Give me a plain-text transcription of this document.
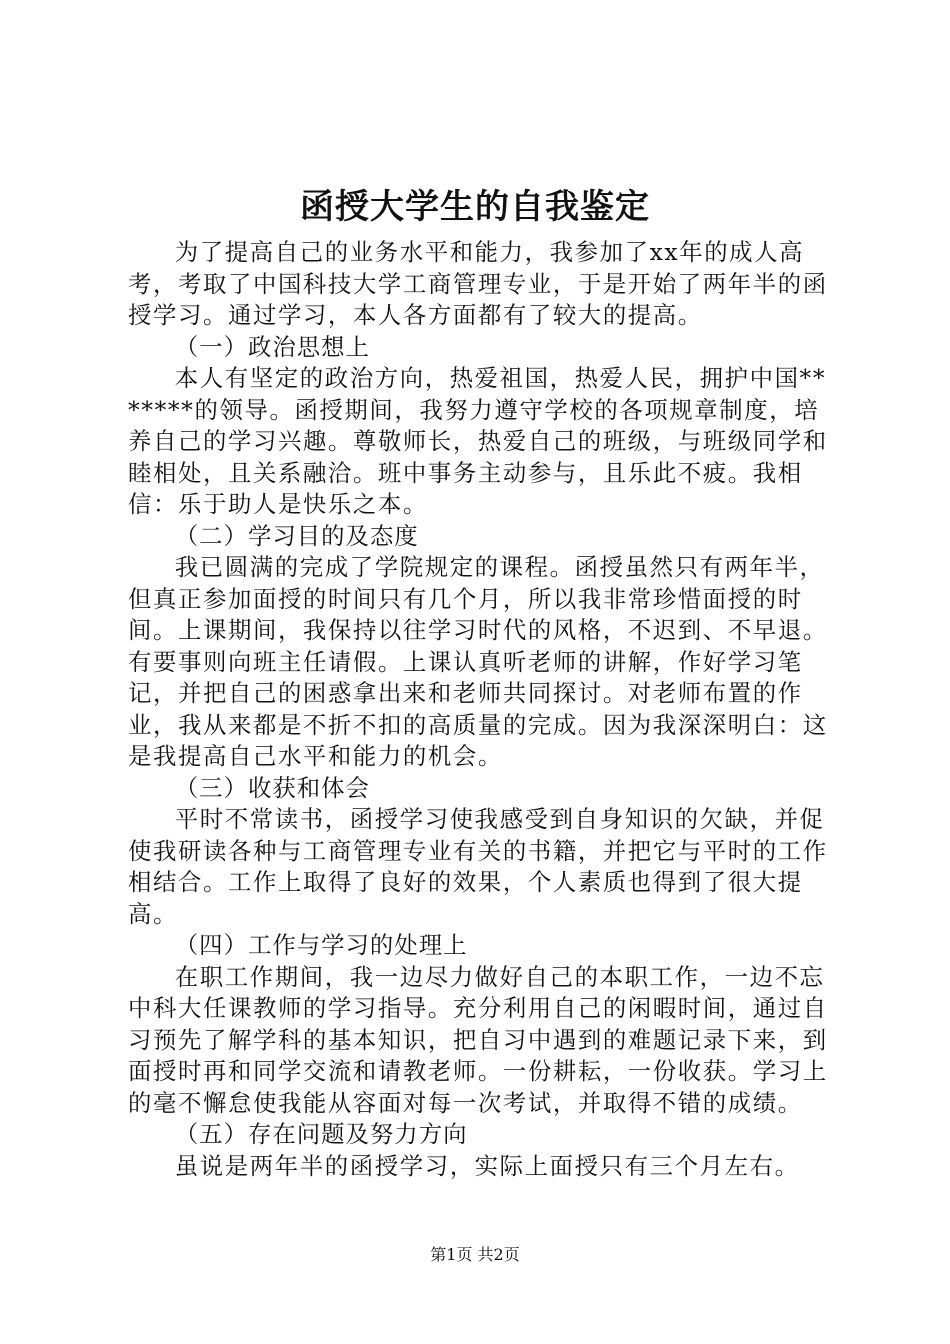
函授大学生的自我鉴定

为了提高自己的业务水平和能力，我参加了xx年的成人高考，考取了中国科技大学工商管理专业，于是开始了两年半的函授学习。通过学习，本人各方面都有了较大的提高。

（一）政治思想上

本人有坚定的政治方向，热爱祖国，热爱人民，拥护中国*******的领导。函授期间，我努力遵守学校的各项规章制度，培养自己的学习兴趣。尊敬师长，热爱自己的班级，与班级同学和睦相处，且关系融洽。班中事务主动参与，且乐此不疲。我相信：乐于助人是快乐之本。

（二）学习目的及态度

我已圆满的完成了学院规定的课程。函授虽然只有两年半，但真正参加面授的时间只有几个月，所以我非常珍惜面授的时间。上课期间，我保持以往学习时代的风格，不迟到、不早退。有要事则向班主任请假。上课认真听老师的讲解，作好学习笔记，并把自己的困惑拿出来和老师共同探讨。对老师布置的作业，我从来都是不折不扣的高质量的完成。因为我深深明白：这是我提高自己水平和能力的机会。

（三）收获和体会

平时不常读书，函授学习使我感受到自身知识的欠缺，并促使我研读各种与工商管理专业有关的书籍，并把它与平时的工作相结合。工作上取得了良好的效果，个人素质也得到了很大提高。

（四）工作与学习的处理上

在职工作期间，我一边尽力做好自己的本职工作，一边不忘中科大任课教师的学习指导。充分利用自己的闲暇时间，通过自习预先了解学科的基本知识，把自习中遇到的难题记录下来，到面授时再和同学交流和请教老师。一份耕耘，一份收获。学习上的毫不懈怠使我能从容面对每一次考试，并取得不错的成绩。

（五）存在问题及努力方向

虽说是两年半的函授学习，实际上面授只有三个月左右。

第1页 共2页
